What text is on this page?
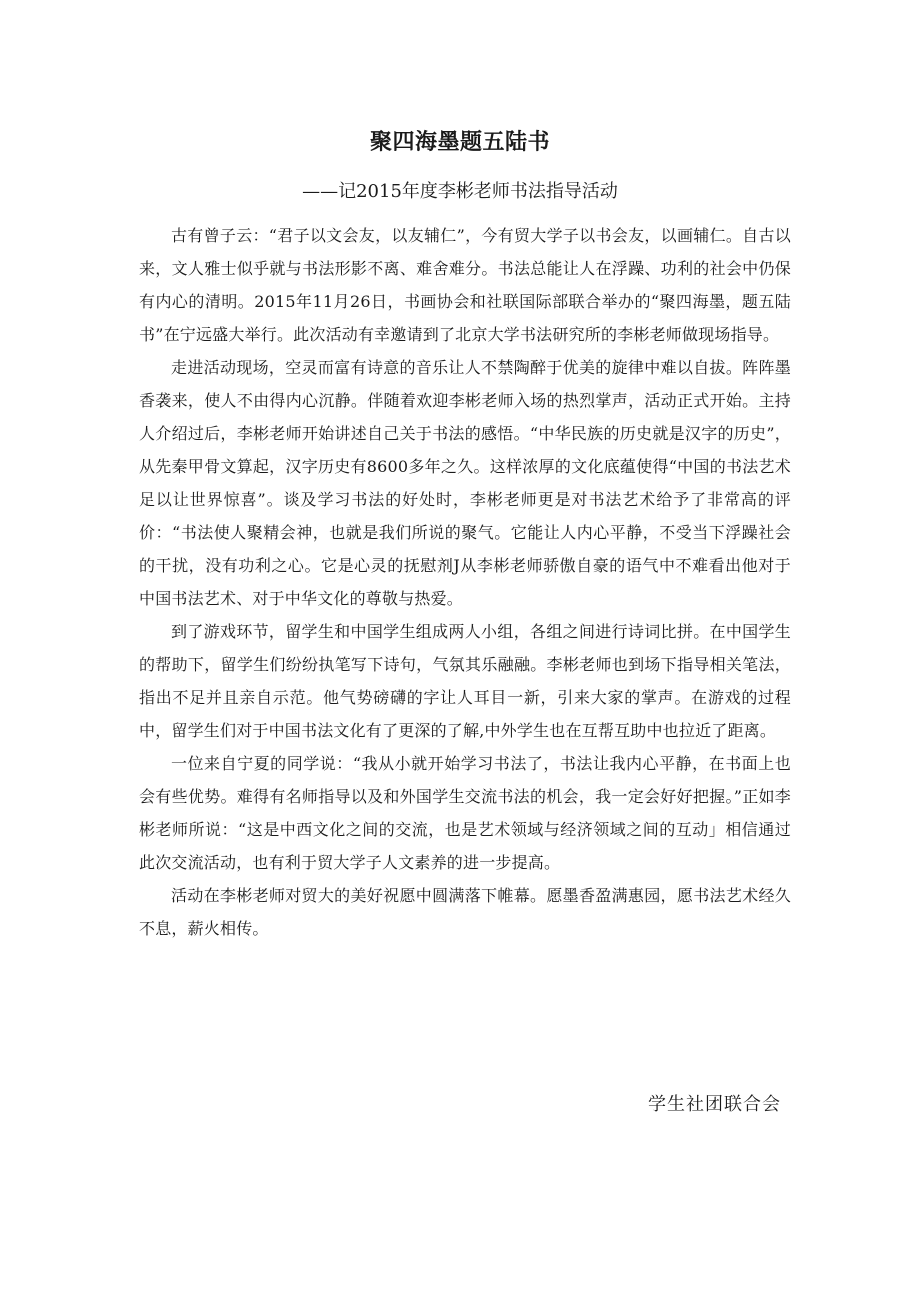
聚四海墨题五陆书
——记2015年度李彬老师书法指导活动

古有曾子云：“君子以文会友，以友辅仁”，今有贸大学子以书会友，以画辅仁。自古以来，文人雅士似乎就与书法形影不离、难舍难分。书法总能让人在浮躁、功利的社会中仍保有内心的清明。2015年11月26日，书画协会和社联国际部联合举办的“聚四海墨，题五陆书”在宁远盛大举行。此次活动有幸邀请到了北京大学书法研究所的李彬老师做现场指导。

走进活动现场，空灵而富有诗意的音乐让人不禁陶醉于优美的旋律中难以自拔。阵阵墨香袭来，使人不由得内心沉静。伴随着欢迎李彬老师入场的热烈掌声，活动正式开始。主持人介绍过后，李彬老师开始讲述自己关于书法的感悟。“中华民族的历史就是汉字的历史”，从先秦甲骨文算起，汉字历史有8600多年之久。这样浓厚的文化底蕴使得“中国的书法艺术足以让世界惊喜”。谈及学习书法的好处时，李彬老师更是对书法艺术给予了非常高的评价：“书法使人聚精会神，也就是我们所说的聚气。它能让人内心平静，不受当下浮躁社会的干扰，没有功利之心。它是心灵的抚慰剂J从李彬老师骄傲自豪的语气中不难看出他对于中国书法艺术、对于中华文化的尊敬与热爱。

到了游戏环节，留学生和中国学生组成两人小组，各组之间进行诗词比拼。在中国学生的帮助下，留学生们纷纷执笔写下诗句，气氛其乐融融。李彬老师也到场下指导相关笔法，指出不足并且亲自示范。他气势磅礴的字让人耳目一新，引来大家的掌声。在游戏的过程中，留学生们对于中国书法文化有了更深的了解,中外学生也在互帮互助中也拉近了距离。

一位来自宁夏的同学说：“我从小就开始学习书法了，书法让我内心平静，在书面上也会有些优势。难得有名师指导以及和外国学生交流书法的机会，我一定会好好把握。”正如李彬老师所说：“这是中西文化之间的交流，也是艺术领域与经济领域之间的互动」相信通过此次交流活动，也有利于贸大学子人文素养的进一步提高。

活动在李彬老师对贸大的美好祝愿中圆满落下帷幕。愿墨香盈满惠园，愿书法艺术经久不息，薪火相传。

学生社团联合会
